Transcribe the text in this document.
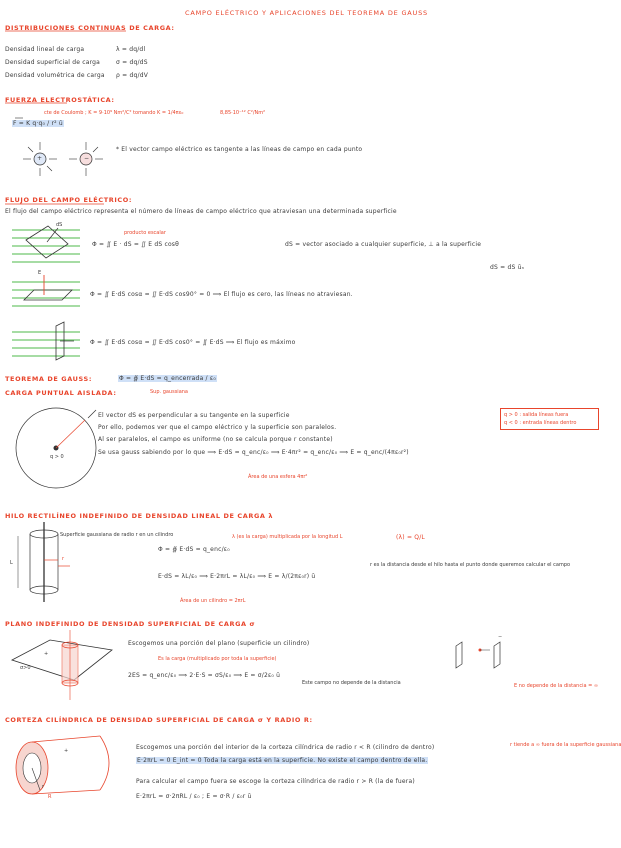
CAMPO ELÉCTRICO Y APLICACIONES DEL TEOREMA DE GAUSS
DISTRIBUCIONES CONTINUAS DE CARGA:
Densidad lineal de carga	λ = dq/dl
Densidad superficial de carga	σ = dq/dS
Densidad volumétrica de carga ρ = dq/dV
FUERZA ELECTROSTÁTICA:
F = K q·q₀ / r² ū
cte de Coulomb ; K = 9·10⁹ Nm²/C² tomando K = 1/4πε₀	8,85·10⁻¹² C²/Nm²
* El vector campo eléctrico es tangente a las líneas de campo en cada punto
+	−
FLUJO DEL CAMPO ELÉCTRICO:
El flujo del campo eléctrico representa el número de líneas de campo eléctrico que atraviesan una determinada superficie
producto escalar
Φ = ∬ E · dS = ∬ E dS cosθ	dS = vector asociado a cualquier superficie, ⊥ a la superficie
dS = dS ūₙ
Φ = ∬ E·dS cosα = ∬ E·dS cos90° = 0 ⟹ El flujo es cero, las líneas no atraviesan.
Φ = ∬ E·dS cosα = ∬ E·dS cos0° = ∬ E·dS ⟹ El flujo es máximo
dS
E
TEOREMA DE GAUSS:	Φ = ∯ E·dS = q_encerrada / ε₀
Sup. gaussiana
CARGA PUNTUAL AISLADA:
q > 0
El vector dS es perpendicular a su tangente en la superficie
Por ello, podemos ver que el campo eléctrico y la superficie son paralelos.
Al ser paralelos, el campo es uniforme (no se calcula porque r constante)
Se usa gauss sabiendo por lo que ⟹ E·dS = q_enc/ε₀ ⟹ E·4πr² = q_enc/ε₀ ⟹ E = q_enc/(4πε₀r²)
Área de una esfera 4πr²
q > 0 : salida líneas fuera
q < 0 : entrada líneas dentro
HILO RECTILÍNEO INDEFINIDO DE DENSIDAD LINEAL DE CARGA λ
Superficie gaussiana de radio r en un cilindro
L
r
Φ = ∯ E·dS = q_enc/ε₀
λ (es la carga) multiplicada por la longitud L	(λ) = Q/L
E·dS = λL/ε₀ ⟹ E·2πrL = λL/ε₀ ⟹ E = λ/(2πε₀r) ū
r es la distancia desde el hilo hasta el punto donde queremos calcular el campo
Área de un cilindro = 2πrL
PLANO INDEFINIDO DE DENSIDAD SUPERFICIAL DE CARGA σ
Escogemos una porción del plano (superficie un cilindro)
Es la carga (multiplicado por toda la superficie)
2ES = q_enc/ε₀ ⟹ 2·E·S = σS/ε₀ ⟹ E = σ/2ε₀ ū
Este campo no depende de la distancia	E no depende de la distancia = ∞
σ>0
+
−
CORTEZA CILÍNDRICA DE DENSIDAD SUPERFICIAL DE CARGA σ Y RADIO R:
Escogemos una porción del interior de la corteza cilíndrica de radio r < R (cilindro de dentro)
E·2πrL = 0 E_int = 0 Toda la carga está en la superficie. No existe el campo dentro de ella.
Para calcular el campo fuera se escoge la corteza cilíndrica de radio r > R (la de fuera)
E·2πrL = σ·2πRL / ε₀ ; E = σ·R / ε₀r ū
r tiende a ∞ fuera de la superficie gaussiana
r
R
+
